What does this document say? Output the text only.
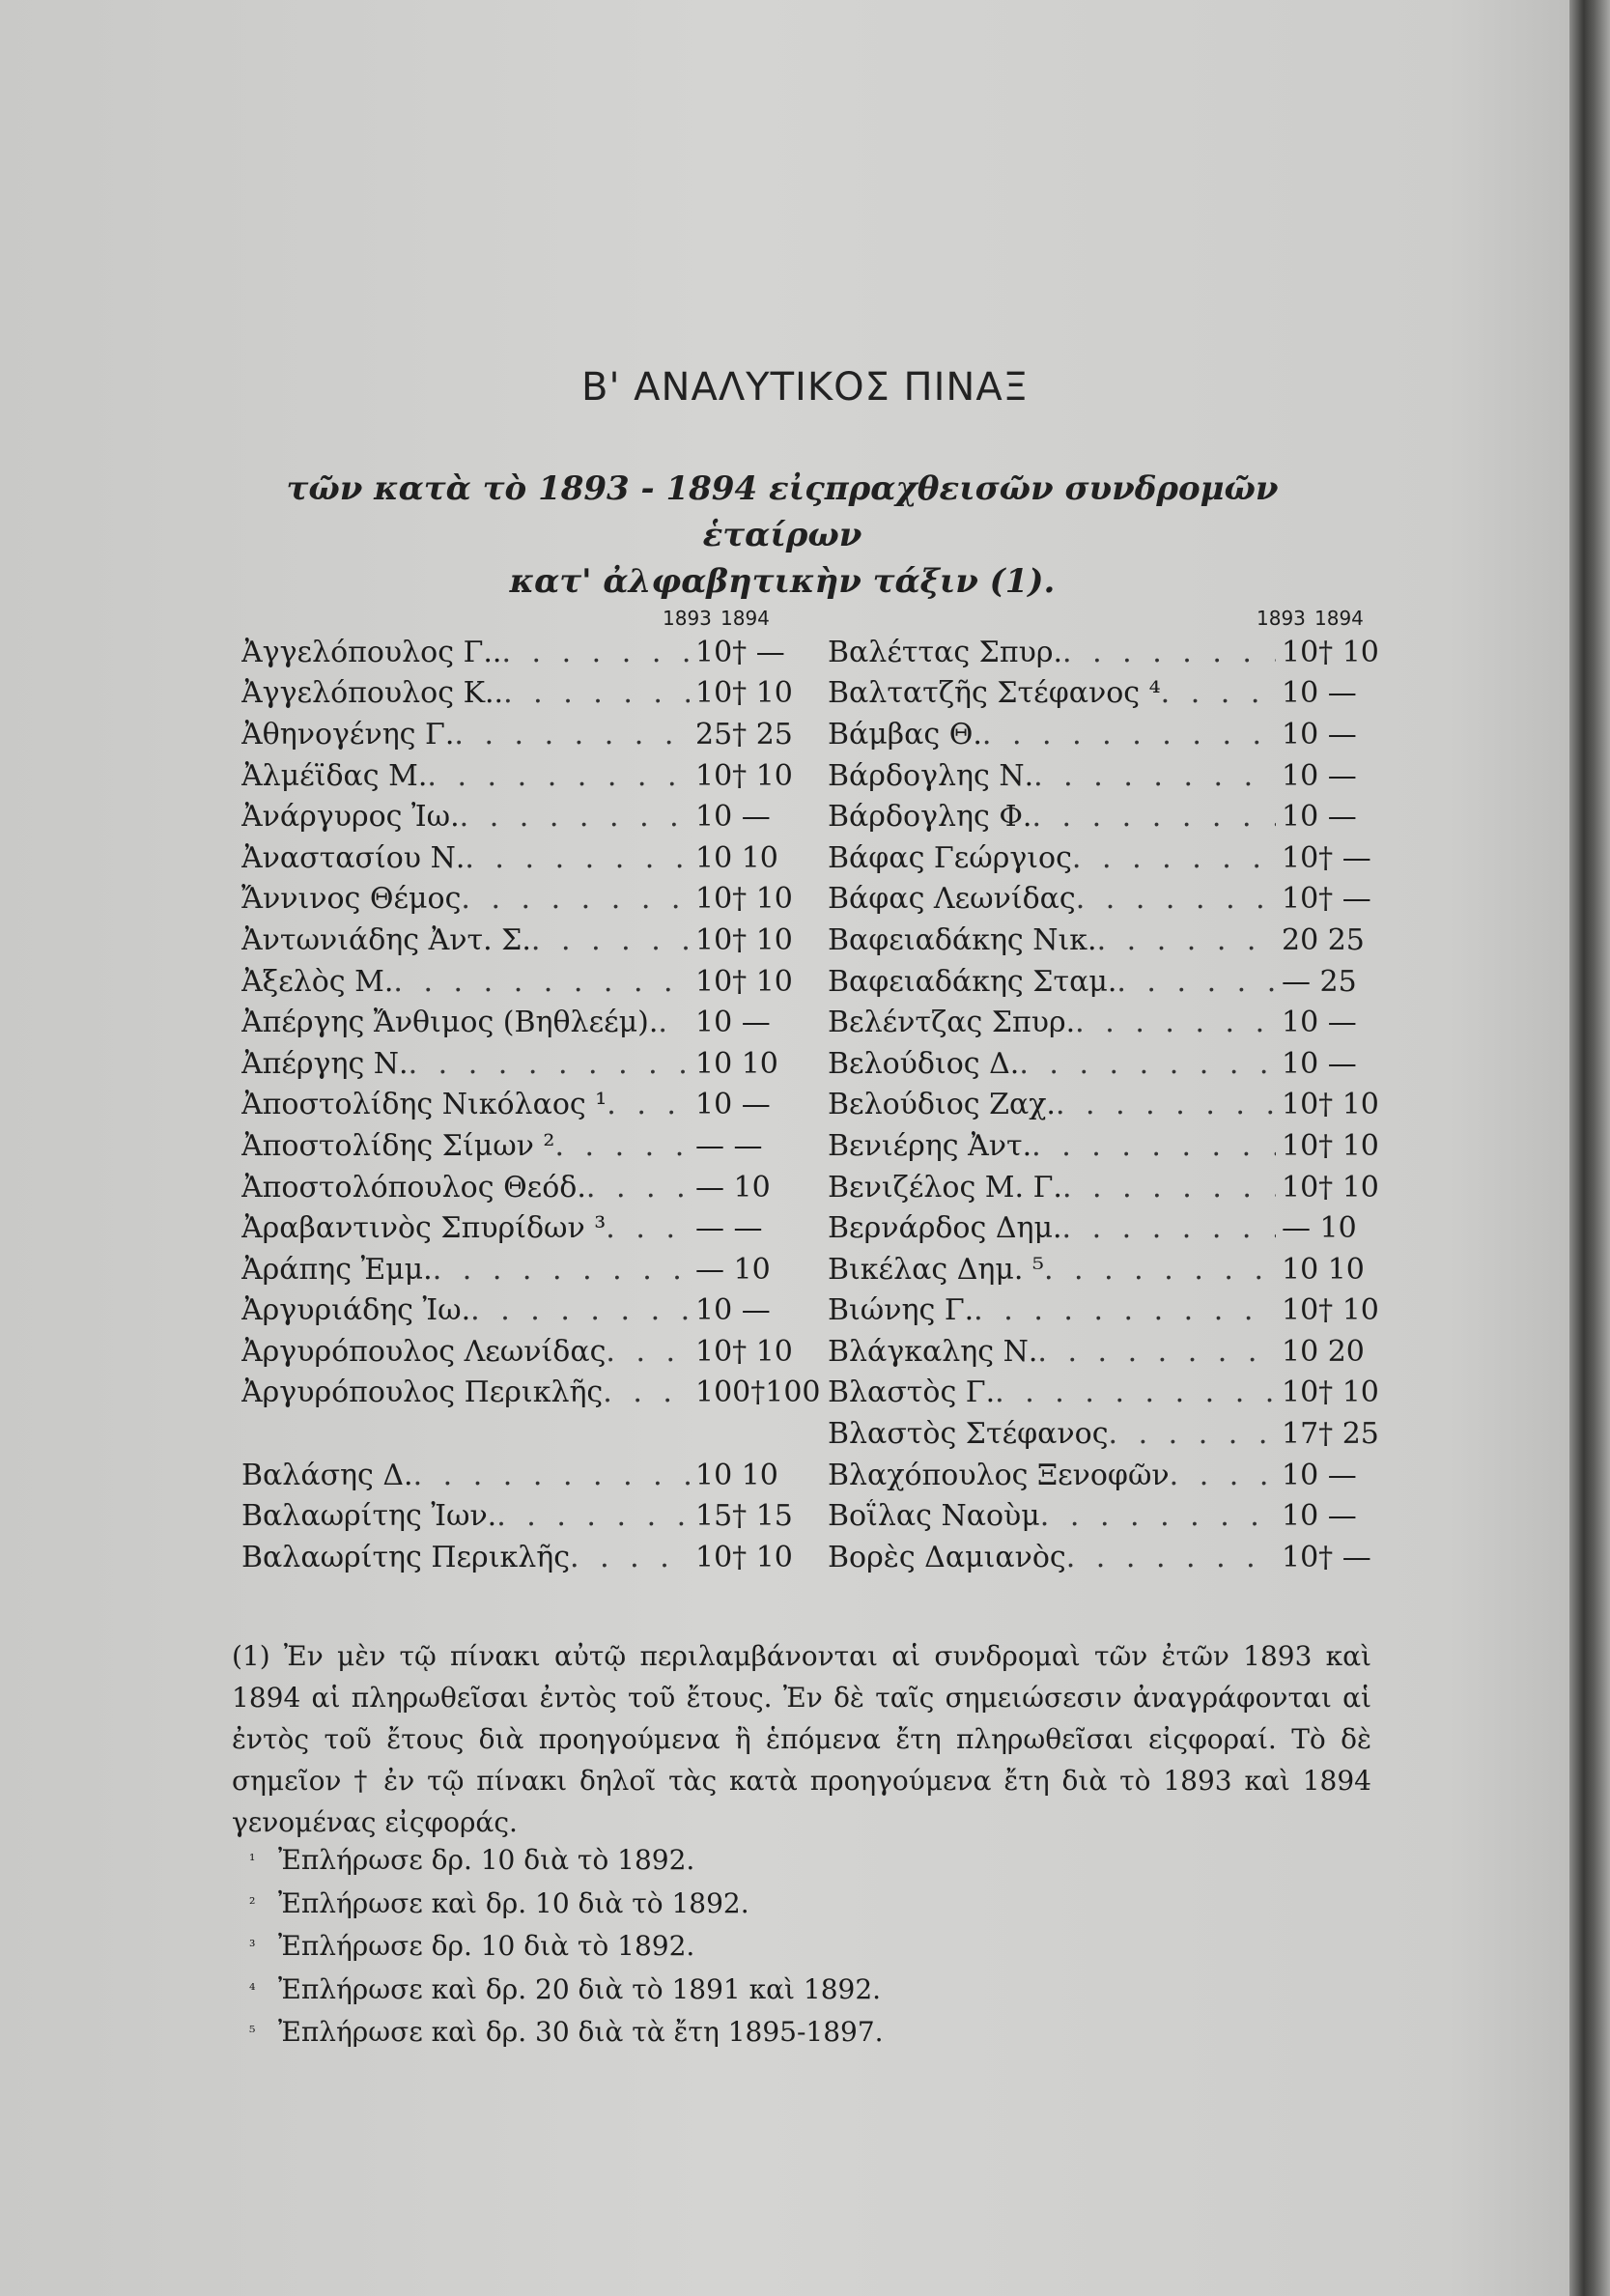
Β' ΑΝΑΛΥΤΙΚΟΣ ΠΙΝΑΞ
τῶν κατὰ τὸ 1893 - 1894 εἰςπραχθεισῶν συνδρομῶν ἑταίρων
κατ' ἀλφαβητικὴν τάξιν (1).
1893 1894
Ἀγγελόπουλος Γ.. . . .	10† —
Ἀγγελόπουλος Κ.. . . .	10† 10
Ἀθηνογένης Γ. . . .	25† 25
Ἀλμέϊδας Μ. . . .	10† 10
Ἀνάργυρος Ἰω. . . .	10 —
Ἀναστασίου Ν. . . .	10 10
Ἄννινος Θέμος . . .	10† 10
Ἀντωνιάδης Ἀντ. Σ. . . .	10† 10
Ἀξελὸς Μ. . . .	10† 10
Ἀπέργης Ἄνθιμος (Βηθλεέμ). . . .	10 —
Ἀπέργης Ν. . . .	10 10
Ἀποστολίδης Νικόλαος ¹ . . .	10 —
Ἀποστολίδης Σίμων ² . . .	— —
Ἀποστολόπουλος Θεόδ. . . .	— 10
Ἀραβαντινὸς Σπυρίδων ³ . . .	— —
Ἀράπης Ἐμμ. . . .	— 10
Ἀργυριάδης Ἰω. . . .	10 —
Ἀργυρόπουλος Λεωνίδας . . .	10† 10
Ἀργυρόπουλος Περικλῆς . . .	100†100
Βαλάσης Δ. . . .	10 10
Βαλαωρίτης Ἰων. . . .	15† 15
Βαλαωρίτης Περικλῆς . . .	10† 10
1893 1894
Βαλέττας Σπυρ. . . .	10† 10
Βαλτατζῆς Στέφανος ⁴ . . .	10 —
Βάμβας Θ. . . .	10 —
Βάρδογλης Ν. . . .	10 —
Βάρδογλης Φ. . . .	10 —
Βάφας Γεώργιος . . .	10† —
Βάφας Λεωνίδας . . .	10† —
Βαφειαδάκης Νικ. . . .	20 25
Βαφειαδάκης Σταμ. . . .	— 25
Βελέντζας Σπυρ. . . .	10 —
Βελούδιος Δ. . . .	10 —
Βελούδιος Ζαχ. . . .	10† 10
Βενιέρης Ἀντ. . . .	10† 10
Βενιζέλος Μ. Γ. . . .	10† 10
Βερνάρδος Δημ. . . .	— 10
Βικέλας Δημ. ⁵ . . .	10 10
Βιώνης Γ. . . .	10† 10
Βλάγκαλης Ν. . . .	10 20
Βλαστὸς Γ. . . .	10† 10
Βλαστὸς Στέφανος . . .	17† 25
Βλαχόπουλος Ξενοφῶν . . .	10 —
Βοΐλας Ναοὺμ . . .	10 —
Βορὲς Δαμιανὸς . . .	10† —
(1) Ἐν μὲν τῷ πίνακι αὐτῷ περιλαμβάνονται αἱ συνδρομαὶ τῶν ἐτῶν 1893 καὶ 1894 αἱ πληρωθεῖσαι ἐντὸς τοῦ ἔτους. Ἐν δὲ ταῖς σημειώσεσιν ἀναγράφονται αἱ ἐντὸς τοῦ ἔτους διὰ προηγούμενα ἢ ἑπόμενα ἔτη πληρωθεῖσαι εἰςφοραί. Τὸ δὲ σημεῖον † ἐν τῷ πίνακι δηλοῖ τὰς κατὰ προηγούμενα ἔτη διὰ τὸ 1893 καὶ 1894 γενομένας εἰςφοράς.
¹ Ἐπλήρωσε δρ. 10 διὰ τὸ 1892.
² Ἐπλήρωσε καὶ δρ. 10 διὰ τὸ 1892.
³ Ἐπλήρωσε δρ. 10 διὰ τὸ 1892.
⁴ Ἐπλήρωσε καὶ δρ. 20 διὰ τὸ 1891 καὶ 1892.
⁵ Ἐπλήρωσε καὶ δρ. 30 διὰ τὰ ἔτη 1895-1897.
